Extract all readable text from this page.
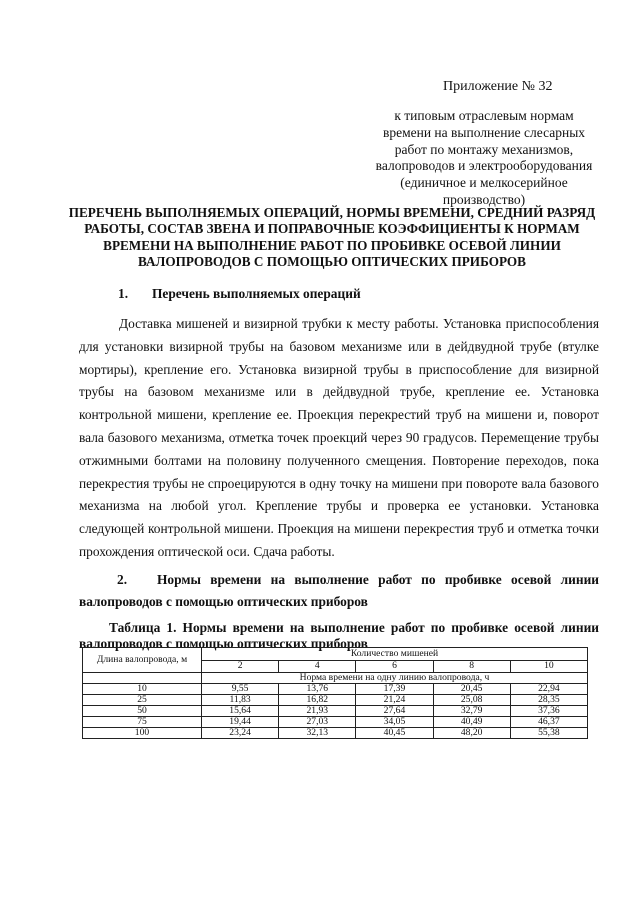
Приложение № 32
к типовым отраслевым нормам
времени на выполнение слесарных
работ по монтажу механизмов,
валопроводов и электрооборудования
(единичное и мелкосерийное
производство)
ПЕРЕЧЕНЬ ВЫПОЛНЯЕМЫХ ОПЕРАЦИЙ, НОРМЫ ВРЕМЕНИ, СРЕДНИЙ РАЗРЯД РАБОТЫ, СОСТАВ ЗВЕНА И ПОПРАВОЧНЫЕ КОЭФФИЦИЕНТЫ К НОРМАМ ВРЕМЕНИ НА ВЫПОЛНЕНИЕ РАБОТ ПО ПРОБИВКЕ ОСЕВОЙ ЛИНИИ ВАЛОПРОВОДОВ С ПОМОЩЬЮ ОПТИЧЕСКИХ ПРИБОРОВ
1. Перечень выполняемых операций

Доставка мишеней и визирной трубки к месту работы. Установка приспособления для установки визирной трубы на базовом механизме или в дейдвудной трубе (втулке мортиры), крепление его. Установка визирной трубы в приспособление для визирной трубы на базовом механизме или в дейдвудной трубе, крепление ее. Установка контрольной мишени, крепление ее. Проекция перекрестий труб на мишени и, поворот вала базового механизма, отметка точек проекций через 90 градусов. Перемещение трубы отжимными болтами на половину полученного смещения. Повторение переходов, пока перекрестия трубы не спроецируются в одну точку на мишени при повороте вала базового механизма на любой угол. Крепление трубы и проверка ее установки. Установка следующей контрольной мишени. Проекция на мишени перекрестия труб и отметка точки прохождения оптической оси. Сдача работы.

2. Нормы времени на выполнение работ по пробивке осевой линии валопроводов с помощью оптических приборов

Таблица 1. Нормы времени на выполнение работ по пробивке осевой линии валопроводов с помощью оптических приборов

Длина валопровода, м	Количество мишеней				
	2	4	6	8	10
	Норма времени на одну линию валопровода, ч				
10	9,55	13,76	17,39	20,45	22,94
25	11,83	16,82	21,24	25,08	28,35
50	15,64	21,93	27,64	32,79	37,36
75	19,44	27,03	34,05	40,49	46,37
100	23,24	32,13	40,45	48,20	55,38
